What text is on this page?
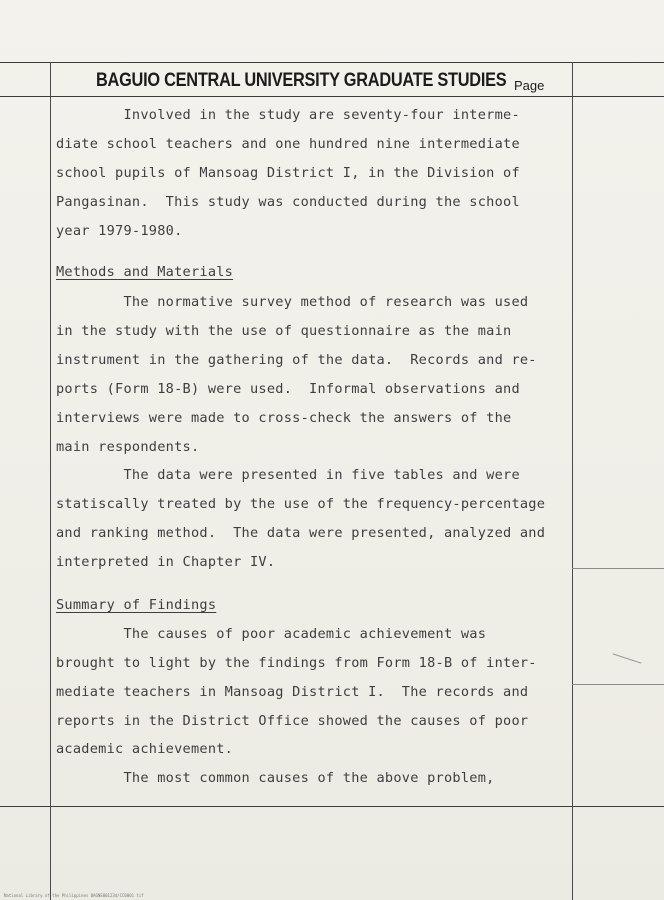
BAGUIO CENTRAL UNIVERSITY GRADUATE STUDIES Page
Involved in the study are seventy-four interme-
diate school teachers and one hundred nine intermediate
school pupils of Mansoag District I, in the Division of
Pangasinan.  This study was conducted during the school
year 1979-1980.
Methods and Materials
The normative survey method of research was used
in the study with the use of questionnaire as the main
instrument in the gathering of the data.  Records and re-
ports (Form 18-B) were used.  Informal observations and
interviews were made to cross-check the answers of the
main respondents.
The data were presented in five tables and were
statiscally treated by the use of the frequency-percentage
and ranking method.  The data were presented, analyzed and
interpreted in Chapter IV.
Summary of Findings
The causes of poor academic achievement was
brought to light by the findings from Form 18-B of inter-
mediate teachers in Mansoag District I.  The records and
reports in the District Office showed the causes of poor
academic achievement.
The most common causes of the above problem,
National Library of the Philippines BAGNE001234/CC0001 tif
